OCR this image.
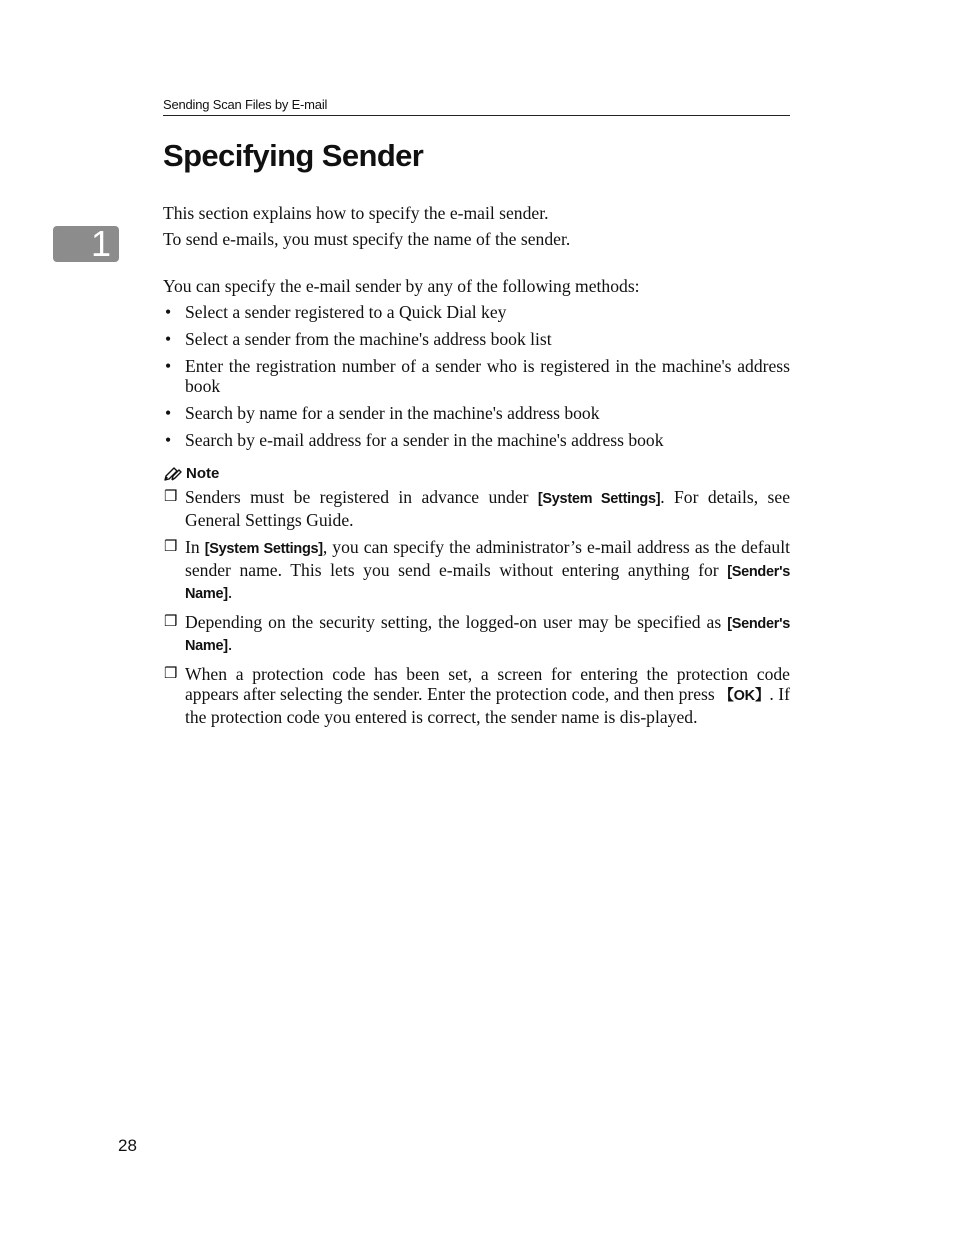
Sending Scan Files by E-mail
Specifying Sender
1

This section explains how to specify the e-mail sender.

To send e-mails, you must specify the name of the sender.

You can specify the e-mail sender by any of the following methods:

• Select a sender registered to a Quick Dial key
• Select a sender from the machine's address book list
• Enter the registration number of a sender who is registered in the machine's address book
• Search by name for a sender in the machine's address book
• Search by e-mail address for a sender in the machine's address book
Note
❒ Senders must be registered in advance under [System Settings]. For details, see General Settings Guide.
❒ In [System Settings], you can specify the administrator’s e-mail address as the default sender name. This lets you send e-mails without entering anything for [Sender's Name].
❒ Depending on the security setting, the logged-on user may be specified as [Sender's Name].
❒ When a protection code has been set, a screen for entering the protection code appears after selecting the sender. Enter the protection code, and then press 【OK】. If the protection code you entered is correct, the sender name is dis-played.
28
